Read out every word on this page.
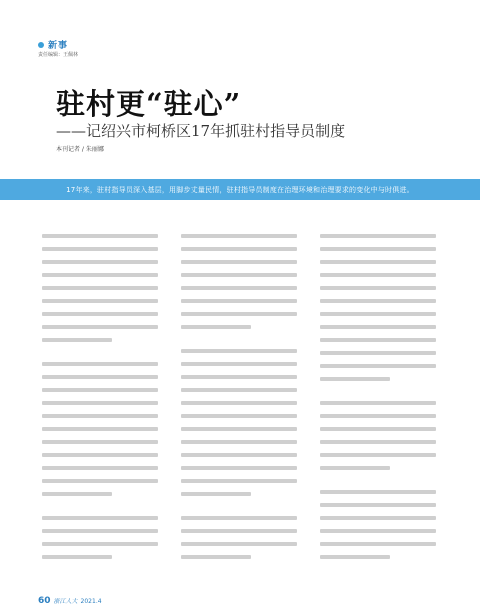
新事
责任编辑：王佩林
驻村更“驻心”
——记绍兴市柯桥区17年抓驻村指导员制度
本刊记者 / 朱丽娜
17年来，驻村指导员深入基层，用脚步丈量民情，驻村指导员制度在治理环境和治理要求的变化中与时俱进。
60 浙江人大 2021.4
